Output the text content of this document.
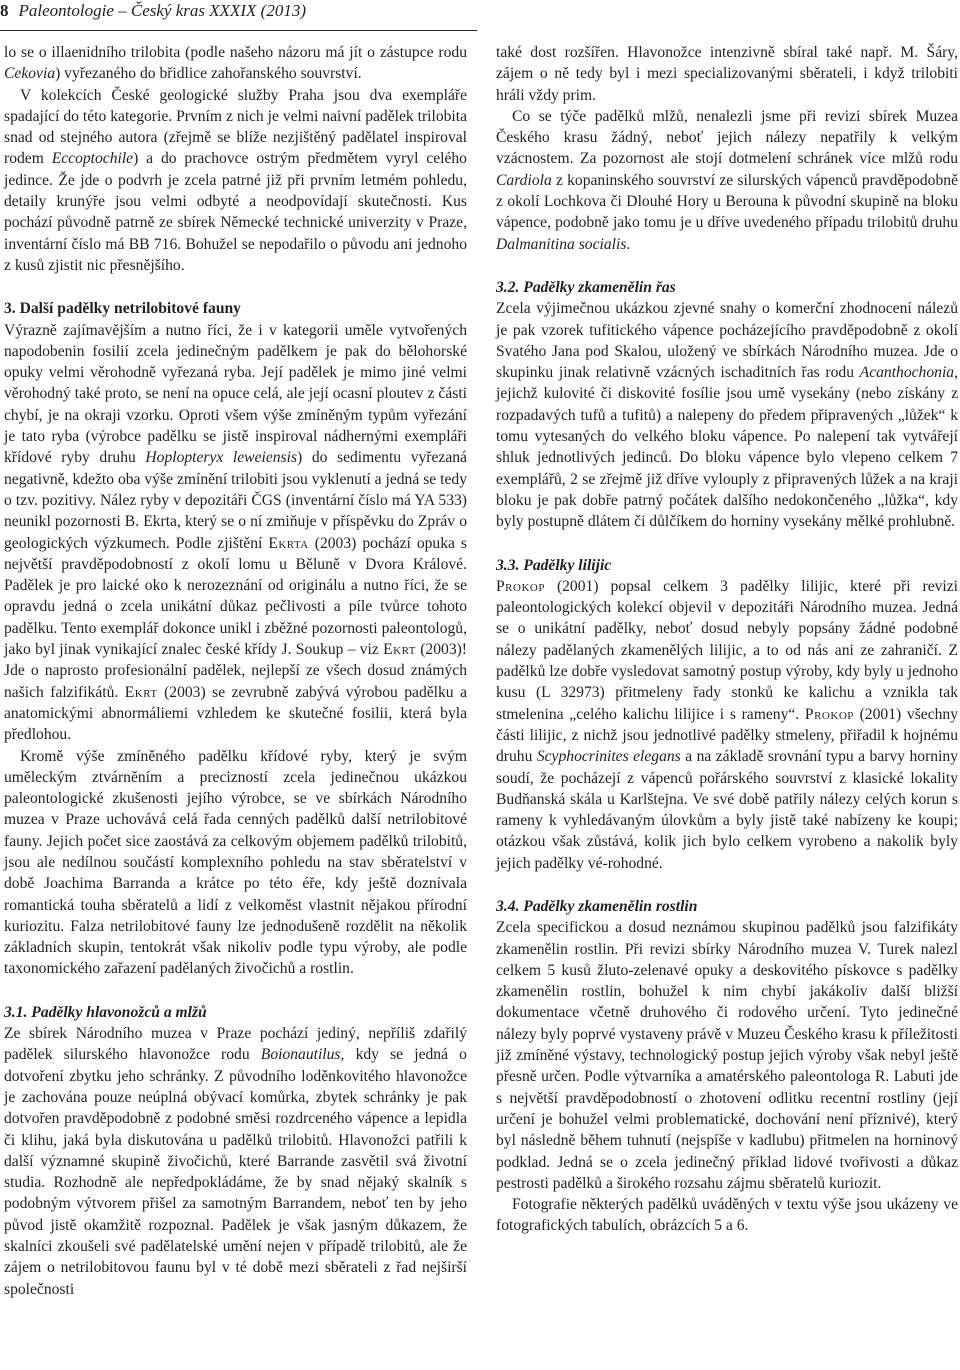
8 Paleontologie – Český kras XXXIX (2013)

lo se o illaenidního trilobita (podle našeho názoru má jít o zástupce rodu Cekovia) vyřezaného do břidlice zahořanského souvrství.

V kolekcích České geologické služby Praha jsou dva exempláře spadající do této kategorie. Prvním z nich je velmi naivní padělek trilobita snad od stejného autora (zřejmě se blíže nezjištěný padělatel inspiroval rodem Eccoptochile) a do prachovce ostrým předmětem vyryl celého jedince. Že jde o podvrh je zcela patrné již při prvním letmém pohledu, detaily krunýře jsou velmi odbyté a neodpovídají skutečnosti. Kus pochází původně patrně ze sbírek Německé technické univerzity v Praze, inventární číslo má BB 716. Bohužel se nepodařilo o původu ani jednoho z kusů zjistit nic přesnějšího.

3. Další padělky netrilobitové fauny

Výrazně zajímavějším a nutno říci, že i v kategorii uměle vytvořených napodobenin fosilií zcela jedinečným padělkem je pak do bělohorské opuky velmi věrohodně vyřezaná ryba. Její padělek je mimo jiné velmi věrohodný také proto, se není na opuce celá, ale její ocasní ploutev z části chybí, je na okraji vzorku. Oproti všem výše zmíněným typům vyřezání je tato ryba (výrobce padělku se jistě inspiroval nádhernými exempláři křídové ryby druhu Hoplopteryx leweiensis) do sedimentu vyřezaná negativně, kdežto oba výše zmínění trilobiti jsou vyklenutí a jedná se tedy o tzv. pozitivy. Nález ryby v depozitáři ČGS (inventární číslo má YA 533) neunikl pozornosti B. Ekrta, který se o ní zmiňuje v příspěvku do Zpráv o geologických výzkumech. Podle zjištění Ekrta (2003) pochází opuka s největší pravděpodobností z okolí lomu u Běluně v Dvora Králové. Padělek je pro laické oko k nerozeznání od originálu a nutno říci, že se opravdu jedná o zcela unikátní důkaz pečlivosti a píle tvůrce tohoto padělku. Tento exemplář dokonce unikl i zběžné pozornosti paleontologů, jako byl jinak vynikající znalec české křídy J. Soukup – viz Ekrt (2003)! Jde o naprosto profesionální padělek, nejlepší ze všech dosud známých našich falzifikátů. Ekrt (2003) se zevrubně zabývá výrobou padělku a anatomickými abnormáliemi vzhledem ke skutečné fosilii, která byla předlohou.

Kromě výše zmíněného padělku křídové ryby, který je svým uměleckým ztvárněním a precizností zcela jedinečnou ukázkou paleontologické zkušenosti jejího výrobce, se ve sbírkách Národního muzea v Praze uchovává celá řada cenných padělků další netrilobitové fauny. Jejich počet sice zaostává za celkovým objemem padělků trilobitů, jsou ale nedílnou součástí komplexního pohledu na stav sběratelství v době Joachima Barranda a krátce po této éře, kdy ještě doznívala romantická touha sběratelů a lidí z velkoměst vlastnit nějakou přírodní kuriozitu. Falza netrilobitové fauny lze jednodušeně rozdělit na několik základních skupin, tentokrát však nikoliv podle typu výroby, ale podle taxonomického zařazení padělaných živočichů a rostlin.

3.1. Padělky hlavonožců a mlžů

Ze sbírek Národního muzea v Praze pochází jediný, nepříliš zdařilý padělek silurského hlavonožce rodu Boionautilus, kdy se jedná o dotvoření zbytku jeho schránky. Z původního loděnkovitého hlavonožce je zachována pouze neúplná obývací komůrka, zbytek schránky je pak dotvořen pravděpodobně z podobné směsi rozdrceného vápence a lepidla či klihu, jaká byla diskutována u padělků trilobitů. Hlavonožci patřili k další významné skupině živočichů, které Barrande zasvětil svá životní studia. Rozhodně ale nepředpokládáme, že by snad nějaký skalník s podobným výtvorem přišel za samotným Barrandem, neboť ten by jeho původ jistě okamžitě rozpoznal. Padělek je však jasným důkazem, že skalníci zkoušeli své padělatelské umění nejen v případě trilobitů, ale že zájem o netrilobitovou faunu byl v té době mezi sběrateli z řad nejširší společnosti

také dost rozšířen. Hlavonožce intenzivně sbíral také např. M. Šáry, zájem o ně tedy byl i mezi specializovanými sběrateli, i když trilobiti hráli vždy prim.

Co se týče padělků mlžů, nenalezli jsme při revizi sbírek Muzea Českého krasu žádný, neboť jejich nálezy nepatřily k velkým vzácnostem. Za pozornost ale stojí dotmelení schránek více mlžů rodu Cardiola z kopaninského souvrství ze silurských vápenců pravděpodobně z okolí Lochkova či Dlouhé Hory u Berouna k původní skupině na bloku vápence, podobně jako tomu je u dříve uvedeného případu trilobitů druhu Dalmanitina socialis.

3.2. Padělky zkamenělin řas

Zcela výjimečnou ukázkou zjevné snahy o komerční zhodnocení nálezů je pak vzorek tufitického vápence pocházejícího pravděpodobně z okolí Svatého Jana pod Skalou, uložený ve sbírkách Národního muzea. Jde o skupinku jinak relativně vzácných ischaditních řas rodu Acanthochonia, jejichž kulovité či diskovité fosílie jsou umě vysekány (nebo získány z rozpadavých tufů a tufitů) a nalepeny do předem připravených „lůžek“ k tomu vytesaných do velkého bloku vápence. Po nalepení tak vytvářejí shluk jednotlivých jedinců. Do bloku vápence bylo vlepeno celkem 7 exemplářů, 2 se zřejmě již dříve vylouply z připravených lůžek a na kraji bloku je pak dobře patrný počátek dalšího nedokončeného „lůžka“, kdy byly postupně dlátem či důlčíkem do horniny vysekány mělké prohlubně.

3.3. Padělky lilijic

Prokop (2001) popsal celkem 3 padělky lilijic, které při revizi paleontologických kolekcí objevil v depozitáři Národního muzea. Jedná se o unikátní padělky, neboť dosud nebyly popsány žádné podobné nálezy padělaných zkamenělých lilijic, a to od nás ani ze zahraničí. Z padělků lze dobře vysledovat samotný postup výroby, kdy byly u jednoho kusu (L 32973) přitmeleny řady stonků ke kalichu a vznikla tak stmelenina „celého kalichu lilijice i s rameny“. Prokop (2001) všechny části lilijic, z nichž jsou jednotlivé padělky stmeleny, přiřadil k hojnému druhu Scyphocrinites elegans a na základě srovnání typu a barvy horniny soudí, že pocházejí z vápenců pořárského souvrství z klasické lokality Budňanská skála u Karlštejna. Ve své době patřily nálezy celých korun s rameny k vyhledávaným úlovkům a byly jistě také nabízeny ke koupi; otázkou však zůstává, kolik jich bylo celkem vyrobeno a nakolik byly jejich padělky vé-rohodné.

3.4. Padělky zkamenělin rostlin

Zcela specifickou a dosud neznámou skupinou padělků jsou falzifikáty zkamenělin rostlin. Při revizi sbírky Národního muzea V. Turek nalezl celkem 5 kusů žluto-zelenavé opuky a deskovitého pískovce s padělky zkamenělin rostlin, bohužel k nim chybí jakákoliv další bližší dokumentace včetně druhového či rodového určení. Tyto jedinečné nálezy byly poprvé vystaveny právě v Muzeu Českého krasu k příležitosti již zmíněné výstavy, technologický postup jejich výroby však nebyl ještě přesně určen. Podle výtvarníka a amatérského paleontologa R. Labuti jde s největší pravděpodobností o zhotovení odlitku recentní rostliny (její určení je bohužel velmi problematické, dochování není příznivé), který byl následně během tuhnutí (nejspíše v kadlubu) přitmelen na horninový podklad. Jedná se o zcela jedinečný příklad lidové tvořivosti a důkaz pestrosti padělků a širokého rozsahu zájmu sběratelů kuriozit.

Fotografie některých padělků uváděných v textu výše jsou ukázeny ve fotografických tabulích, obrázcích 5 a 6.
